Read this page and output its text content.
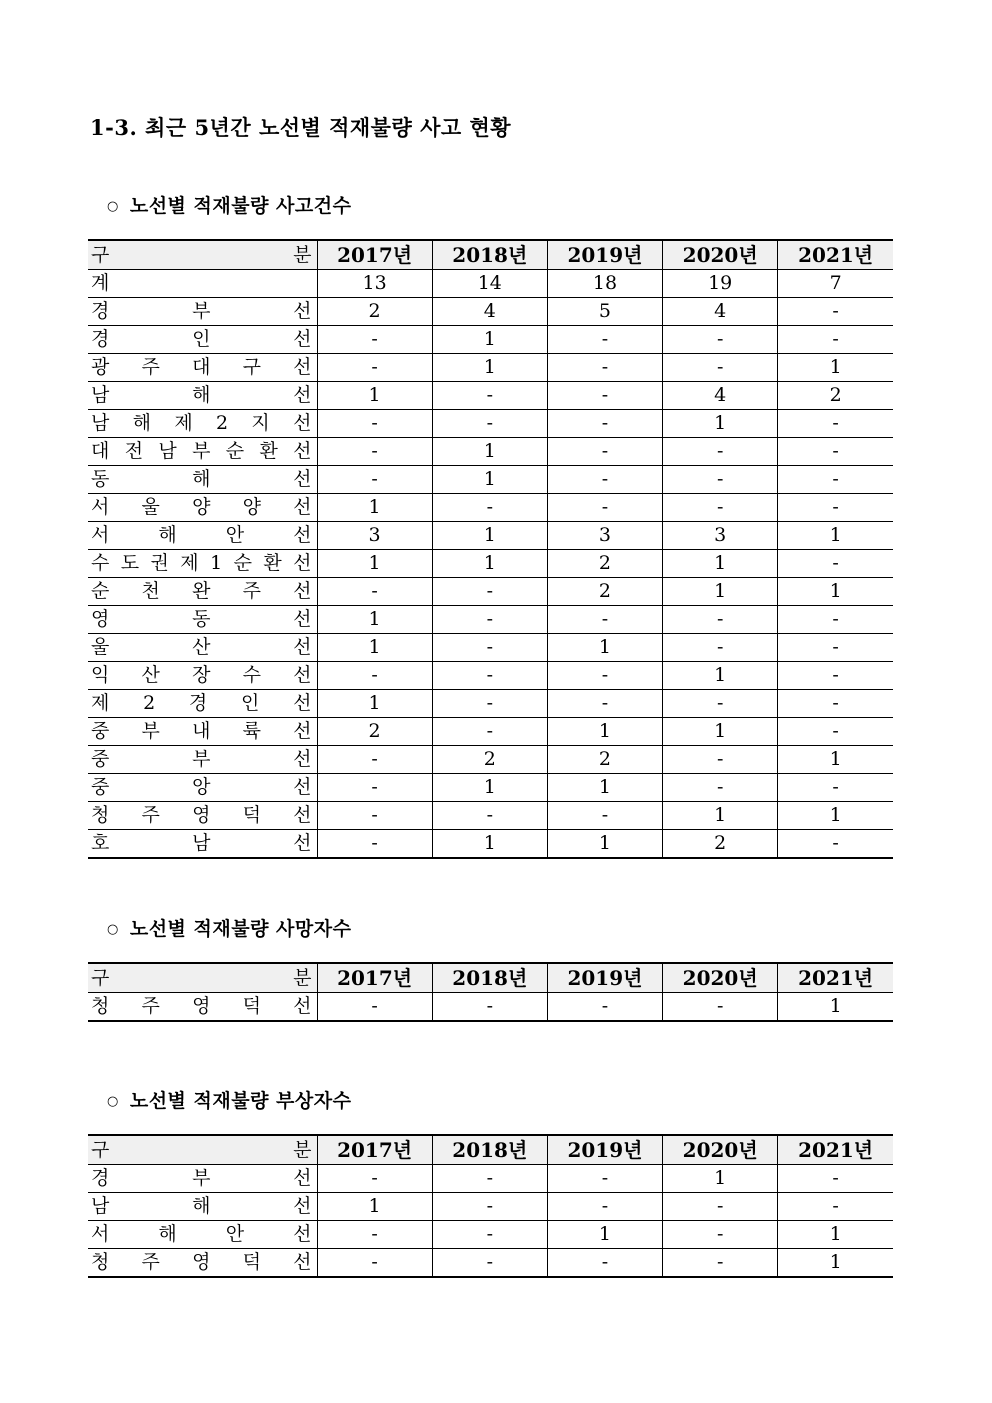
1-3. 최근 5년간 노선별 적재불량 사고 현황
○ 노선별 적재불량 사고건수
구 분	2017년	2018년	2019년	2020년	2021년

계	13	14	18	19	7

경 부 선	2	4	5	4	-

경 인 선	-	1	-	-	-

광 주 대 구 선	-	1	-	-	1

남 해 선	1	-	-	4	2

남 해 제 2 지 선	-	-	-	1	-

대 전 남 부 순 환 선	-	1	-	-	-

동 해 선	-	1	-	-	-

서 울 양 양 선	1	-	-	-	-

서 해 안 선	3	1	3	3	1

수 도 권 제 1 순 환 선	1	1	2	1	-

순 천 완 주 선	-	-	2	1	1

영 동 선	1	-	-	-	-

울 산 선	1	-	1	-	-

익 산 장 수 선	-	-	-	1	-

제 2 경 인 선	1	-	-	-	-

중 부 내 륙 선	2	-	1	1	-

중 부 선	-	2	2	-	1

중 앙 선	-	1	1	-	-

청 주 영 덕 선	-	-	-	1	1

호 남 선	-	1	1	2	-
○ 노선별 적재불량 사망자수
구 분	2017년	2018년	2019년	2020년	2021년

청 주 영 덕 선	-	-	-	-	1
○ 노선별 적재불량 부상자수
구 분	2017년	2018년	2019년	2020년	2021년

경 부 선	-	-	-	1	-

남 해 선	1	-	-	-	-

서 해 안 선	-	-	1	-	1

청 주 영 덕 선	-	-	-	-	1
